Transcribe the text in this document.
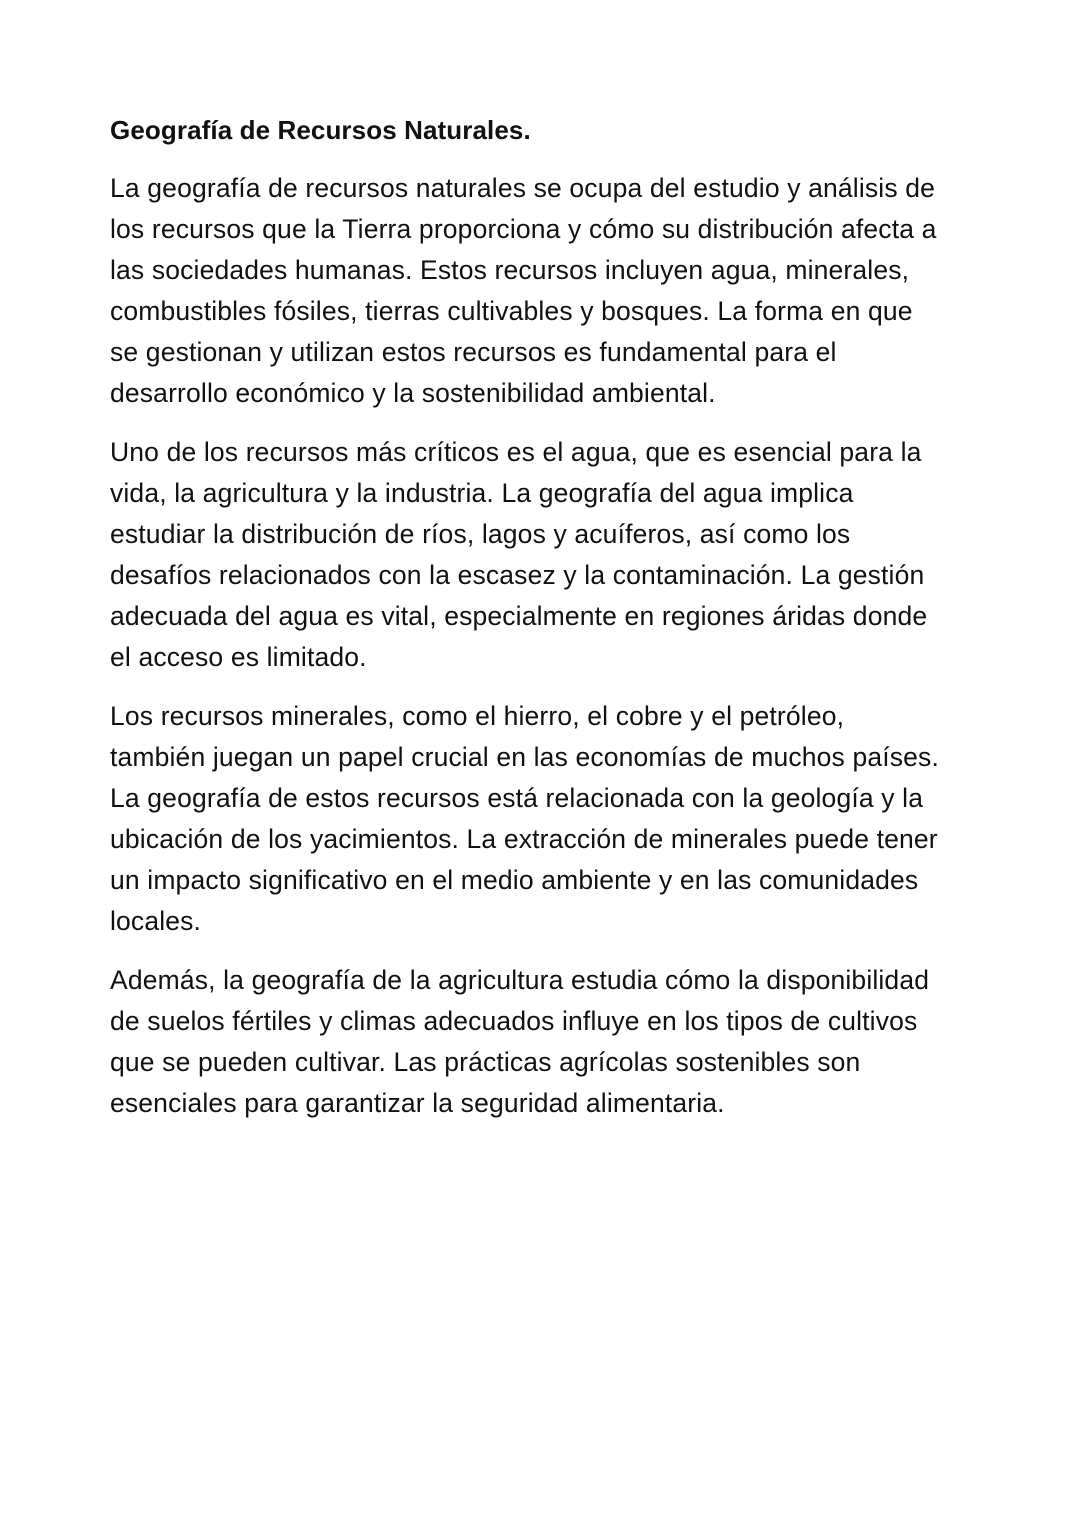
Geografía de Recursos Naturales.

La geografía de recursos naturales se ocupa del estudio y análisis de los recursos que la Tierra proporciona y cómo su distribución afecta a las sociedades humanas. Estos recursos incluyen agua, minerales, combustibles fósiles, tierras cultivables y bosques. La forma en que se gestionan y utilizan estos recursos es fundamental para el desarrollo económico y la sostenibilidad ambiental.

Uno de los recursos más críticos es el agua, que es esencial para la vida, la agricultura y la industria. La geografía del agua implica estudiar la distribución de ríos, lagos y acuíferos, así como los desafíos relacionados con la escasez y la contaminación. La gestión adecuada del agua es vital, especialmente en regiones áridas donde el acceso es limitado.

Los recursos minerales, como el hierro, el cobre y el petróleo, también juegan un papel crucial en las economías de muchos países. La geografía de estos recursos está relacionada con la geología y la ubicación de los yacimientos. La extracción de minerales puede tener un impacto significativo en el medio ambiente y en las comunidades locales.

Además, la geografía de la agricultura estudia cómo la disponibilidad de suelos fértiles y climas adecuados influye en los tipos de cultivos que se pueden cultivar. Las prácticas agrícolas sostenibles son esenciales para garantizar la seguridad alimentaria.
